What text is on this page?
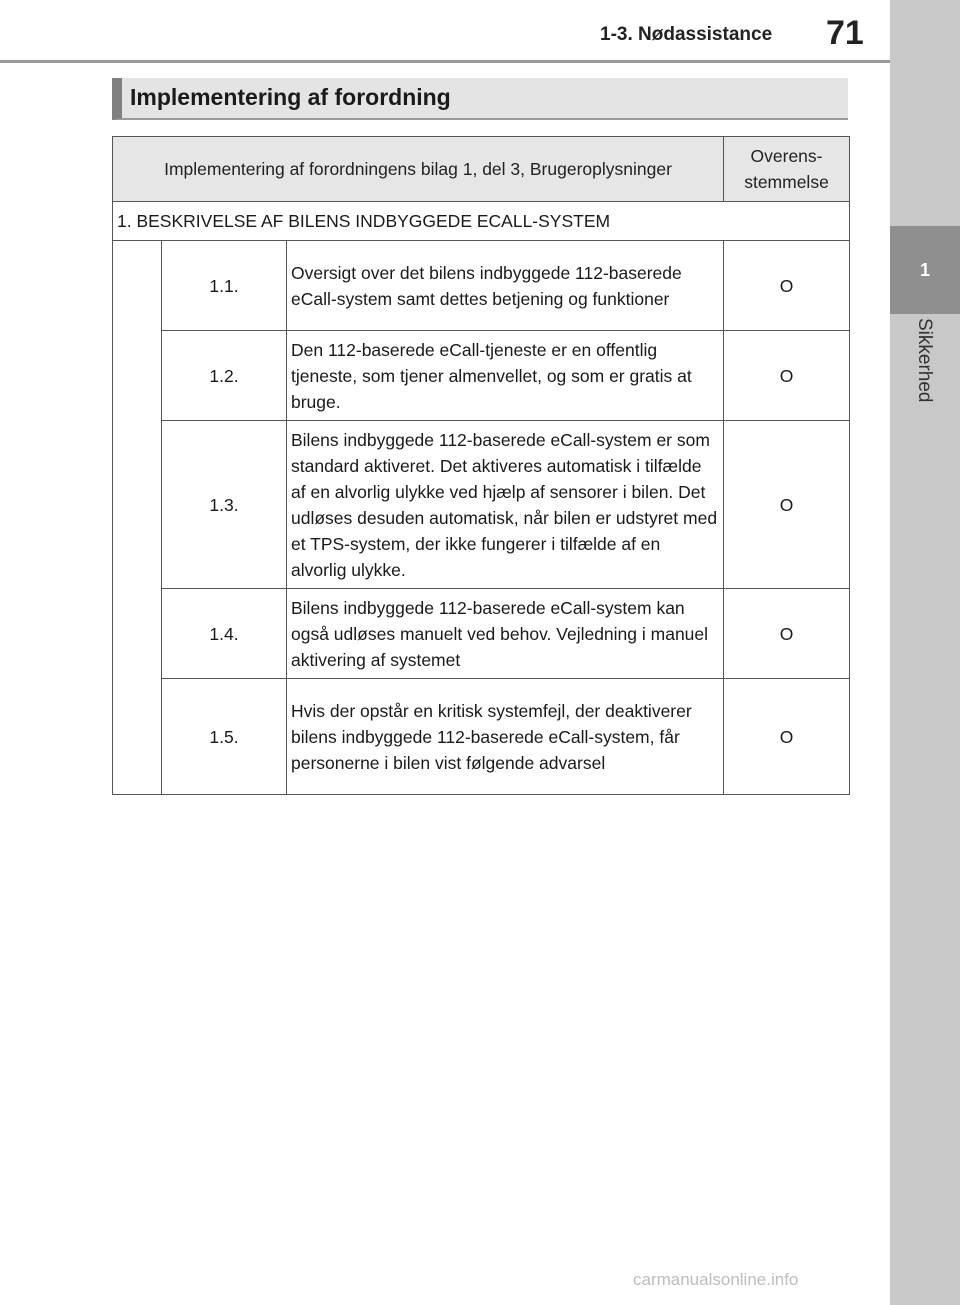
1
Sikkerhed
1-3. Nødassistance 71
Implementering af forordning
Implementering af forordningens bilag 1, del 3, Brugeroplysninger			Overens-stemmelse
1. BESKRIVELSE AF BILENS INDBYGGEDE ECALL-SYSTEM			
	1.1.	Oversigt over det bilens indbyggede 112-baserede eCall-system samt dettes betjening og funktioner	O
	1.2.	Den 112-baserede eCall-tjeneste er en offentlig tjeneste, som tjener almenvellet, og som er gratis at bruge.	O
	1.3.	Bilens indbyggede 112-baserede eCall-system er som standard aktiveret. Det aktiveres automatisk i tilfælde af en alvorlig ulykke ved hjælp af sensorer i bilen. Det udløses desuden automatisk, når bilen er udstyret med et TPS-system, der ikke fungerer i tilfælde af en alvorlig ulykke.	O
	1.4.	Bilens indbyggede 112-baserede eCall-system kan også udløses manuelt ved behov. Vejledning i manuel aktivering af systemet	O
	1.5.	Hvis der opstår en kritisk systemfejl, der deaktiverer bilens indbyggede 112-baserede eCall-system, får personerne i bilen vist følgende advarsel	O
carmanualsonline.info
